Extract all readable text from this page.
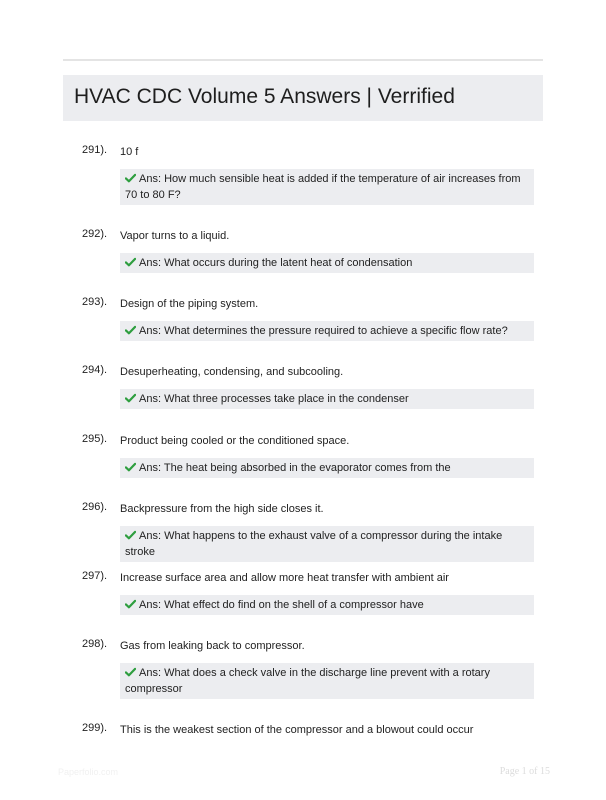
HVAC CDC Volume 5 Answers | Verrified
291). 10 f
Ans: How much sensible heat is added if the temperature of air increases from 70 to 80 F?
292). Vapor turns to a liquid.
Ans: What occurs during the latent heat of condensation
293). Design of the piping system.
Ans: What determines the pressure required to achieve a specific flow rate?
294). Desuperheating, condensing, and subcooling.
Ans: What three processes take place in the condenser
295). Product being cooled or the conditioned space.
Ans: The heat being absorbed in the evaporator comes from the
296). Backpressure from the high side closes it.
Ans: What happens to the exhaust valve of a compressor during the intake stroke
297). Increase surface area and allow more heat transfer with ambient air
Ans: What effect do find on the shell of a compressor have
298). Gas from leaking back to compressor.
Ans: What does a check valve in the discharge line prevent with a rotary compressor
299). This is the weakest section of the compressor and a blowout could occur
Paperfolio.com	Page 1 of 15
